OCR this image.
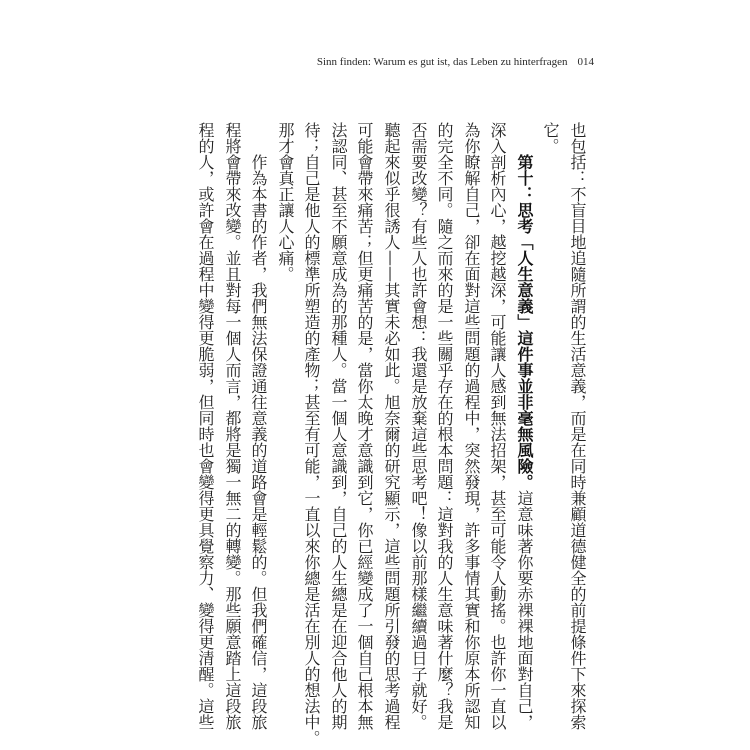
Sinn finden: Warum es gut ist, das Leben zu hinterfragen 014
也包括：不盲目地追隨所謂的生活意義，而是在同時兼顧道德健全的前提條件下來探索
它。
第十：思考「人生意義」這件事並非毫無風險。這意味著你要赤裸裸地面對自己，
深入剖析內心，越挖越深，可能讓人感到無法招架，甚至可能令人動搖。也許你一直以
為你瞭解自己，卻在面對這些問題的過程中，突然發現，許多事情其實和你原本所認知
的完全不同。隨之而來的是一些關乎存在的根本問題：這對我的人生意味著什麼？我是
否需要改變？有些人也許會想：我還是放棄這些思考吧！像以前那樣繼續過日子就好。
聽起來似乎很誘人——其實未必如此。旭奈爾的研究顯示，這些問題所引發的思考過程
可能會帶來痛苦；但更痛苦的是，當你太晚才意識到它，你已經變成了一個自己根本無
法認同、甚至不願意成為的那種人。當一個人意識到，自己的人生總是在迎合他人的期
待；自己是他人的標準所塑造的產物；甚至有可能，一直以來你總是活在別人的想法中。
那才會真正讓人心痛。
作為本書的作者，我們無法保證通往意義的道路會是輕鬆的。但我們確信，這段旅
程將會帶來改變。並且對每一個人而言，都將是獨一無二的轉變。那些願意踏上這段旅
程的人，或許會在過程中變得更脆弱，但同時也會變得更具覺察力、變得更清醒。這些
